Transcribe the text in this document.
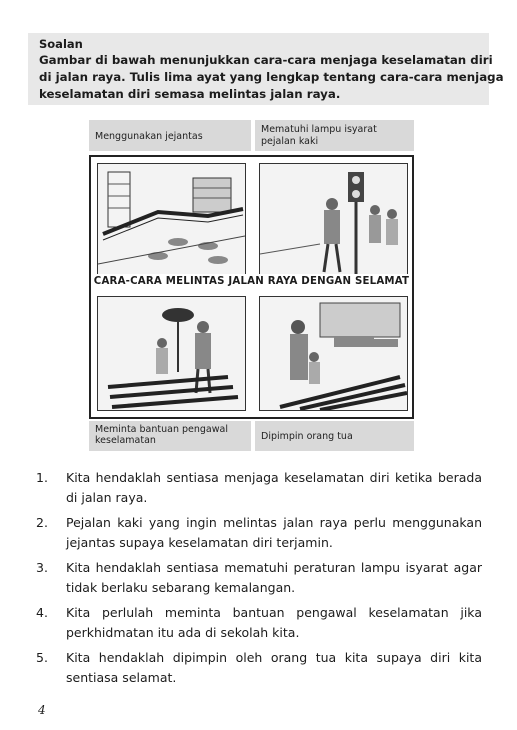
Soalan
Gambar di bawah menunjukkan cara-cara menjaga keselamatan diri
di jalan raya. Tulis lima ayat yang lengkap tentang cara-cara menjaga
keselamatan diri semasa melintas jalan raya.
Menggunakan jejantas
Mematuhi lampu isyarat
pejalan kaki
CARA-CARA MELINTAS JALAN RAYA DENGAN SELAMAT
Meminta bantuan pengawal
keselamatan	Dipimpin orang tua
1. Kita hendaklah sentiasa menjaga keselamatan diri ketika berada di jalan raya.
2. Pejalan kaki yang ingin melintas jalan raya perlu menggunakan jejantas supaya keselamatan diri terjamin.
3. Kita hendaklah sentiasa mematuhi peraturan lampu isyarat agar tidak berlaku sebarang kemalangan.
4. Kita perlulah meminta bantuan pengawal keselamatan jika perkhidmatan itu ada di sekolah kita.
5. Kita hendaklah dipimpin oleh orang tua kita supaya diri kita sentiasa selamat.
4
